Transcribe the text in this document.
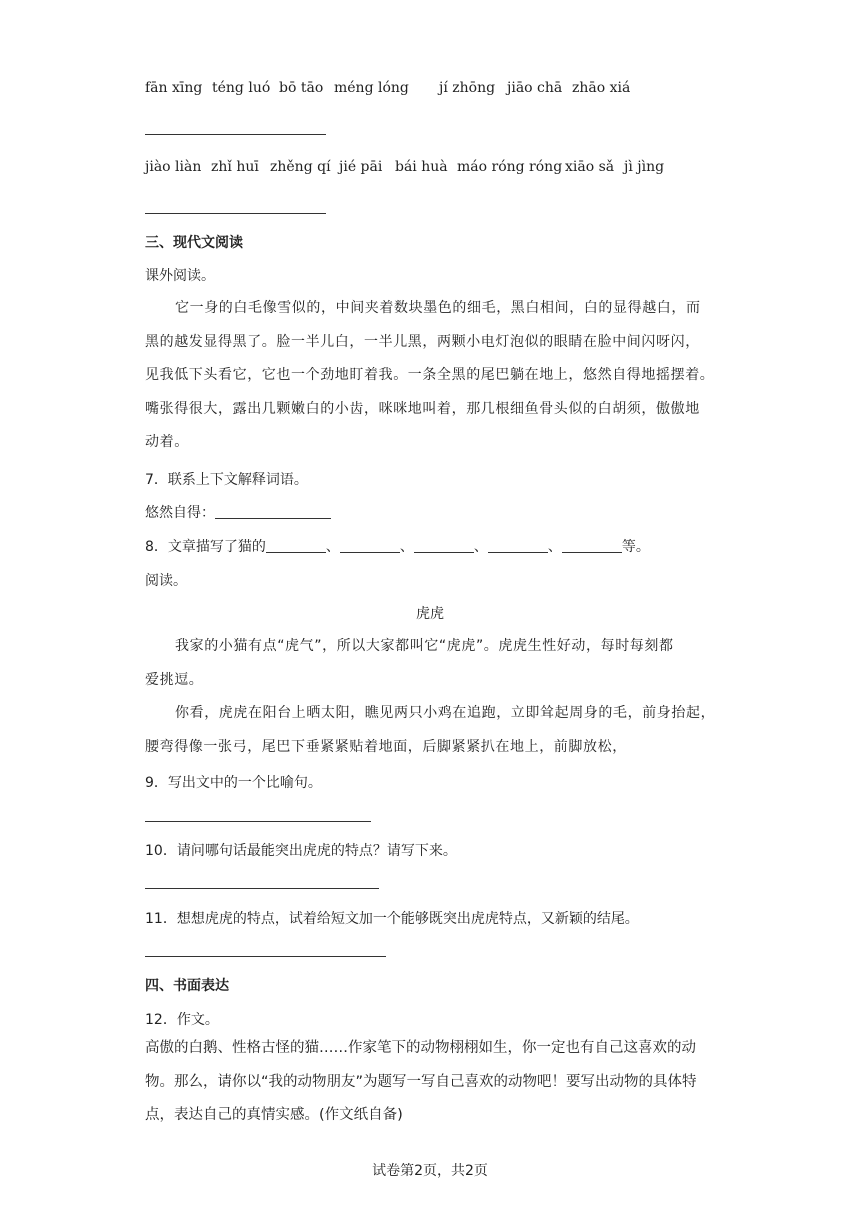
fān xīng téng luó bō tāo méng lóng jí zhōng jiāo chā zhāo xiá
jiào liàn zhǐ huī zhěng qí jié pāi bái huà máo róng róng xiāo sǎ jì jìng
三、现代文阅读
课外阅读。
它一身的白毛像雪似的，中间夹着数块墨色的细毛，黑白相间，白的显得越白，而
黑的越发显得黑了。脸一半儿白，一半儿黑，两颗小电灯泡似的眼睛在脸中间闪呀闪，
见我低下头看它，它也一个劲地盯着我。一条全黑的尾巴躺在地上，悠然自得地摇摆着。
嘴张得很大，露出几颗嫩白的小齿，咪咪地叫着，那几根细鱼骨头似的白胡须，傲傲地
动着。
7．联系上下文解释词语。
悠然自得：
8．文章描写了猫的	、	、	、	、	等。
阅读。
虎虎
我家的小猫有点“虎气”，所以大家都叫它“虎虎”。虎虎生性好动，每时每刻都
爱挑逗。
你看，虎虎在阳台上晒太阳，瞧见两只小鸡在追跑，立即耸起周身的毛，前身抬起，
腰弯得像一张弓，尾巴下垂紧紧贴着地面，后脚紧紧扒在地上，前脚放松，
9．写出文中的一个比喻句。
10．请问哪句话最能突出虎虎的特点？请写下来。
11．想想虎虎的特点，试着给短文加一个能够既突出虎虎特点，又新颖的结尾。
四、书面表达
12．作文。
高傲的白鹅、性格古怪的猫……作家笔下的动物栩栩如生，你一定也有自己这喜欢的动
物。那么，请你以“我的动物朋友”为题写一写自己喜欢的动物吧！要写出动物的具体特
点，表达自己的真情实感。(作文纸自备)
试卷第2页，共2页
